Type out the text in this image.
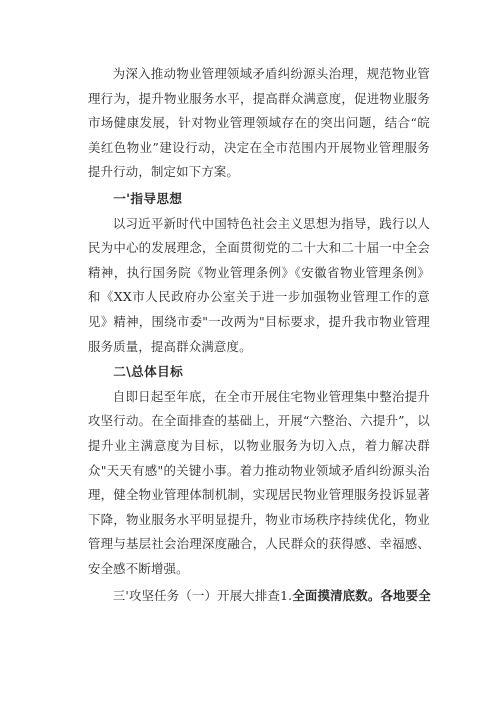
为深入推动物业管理领域矛盾纠纷源头治理，规范物业管理行为，提升物业服务水平，提高群众满意度，促进物业服务市场健康发展，针对物业管理领域存在的突出问题，结合“皖美红色物业”建设行动，决定在全市范围内开展物业管理服务提升行动，制定如下方案。

一'指导思想

以习近平新时代中国特色社会主义思想为指导，践行以人民为中心的发展理念，全面贯彻党的二十大和二十届一中全会精神，执行国务院《物业管理条例》《安徽省物业管理条例》和《XX市人民政府办公室关于进一步加强物业管理工作的意见》精神，围绕市委"一改两为"目标要求，提升我市物业管理服务质量，提高群众满意度。

二\总体目标

自即日起至年底，在全市开展住宅物业管理集中整治提升攻坚行动。在全面排查的基础上，开展“六整治、六提升”，以提升业主满意度为目标，以物业服务为切入点，着力解决群众"天天有感"的关键小事。着力推动物业领域矛盾纠纷源头治理，健全物业管理体制机制，实现居民物业管理服务投诉显著下降，物业服务水平明显提升，物业市场秩序持续优化，物业管理与基层社会治理深度融合，人民群众的获得感、幸福感、安全感不断增强。

三'攻坚任务（一）开展大排查1.全面摸清底数。各地要全
